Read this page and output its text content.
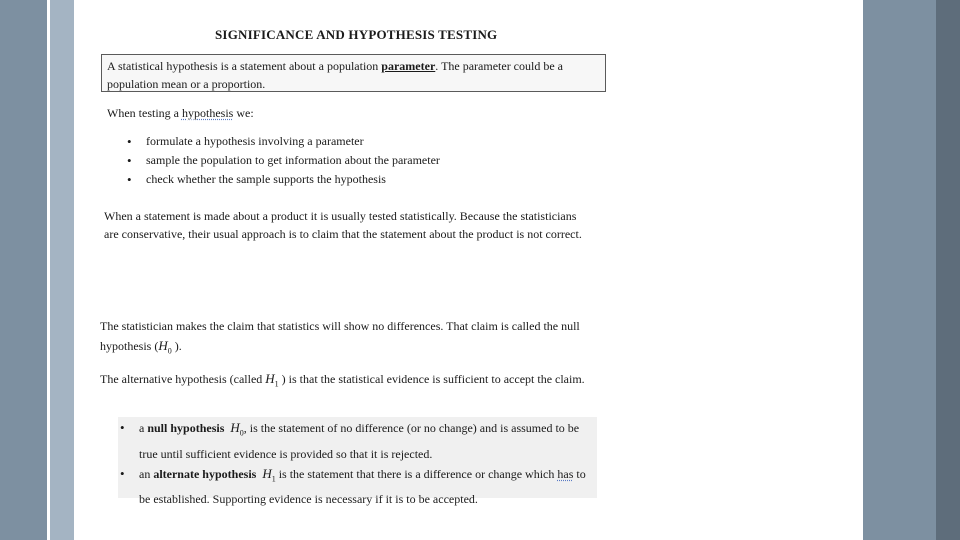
SIGNIFICANCE AND HYPOTHESIS TESTING
A statistical hypothesis is a statement about a population parameter. The parameter could be a population mean or a proportion.
When testing a hypothesis we:
• formulate a hypothesis involving a parameter
• sample the population to get information about the parameter
• check whether the sample supports the hypothesis
When a statement is made about a product it is usually tested statistically. Because the statisticians are conservative, their usual approach is to claim that the statement about the product is not correct.
The statistician makes the claim that statistics will show no differences. That claim is called the null hypothesis ($H_0$ ).
The alternative hypothesis (called $H_1$ ) is that the statistical evidence is sufficient to accept the claim.
• a null hypothesis $H_0$, is the statement of no difference (or no change) and is assumed to be true until sufficient evidence is provided so that it is rejected.
• an alternate hypothesis $H_1$ is the statement that there is a difference or change which has to be established. Supporting evidence is necessary if it is to be accepted.
